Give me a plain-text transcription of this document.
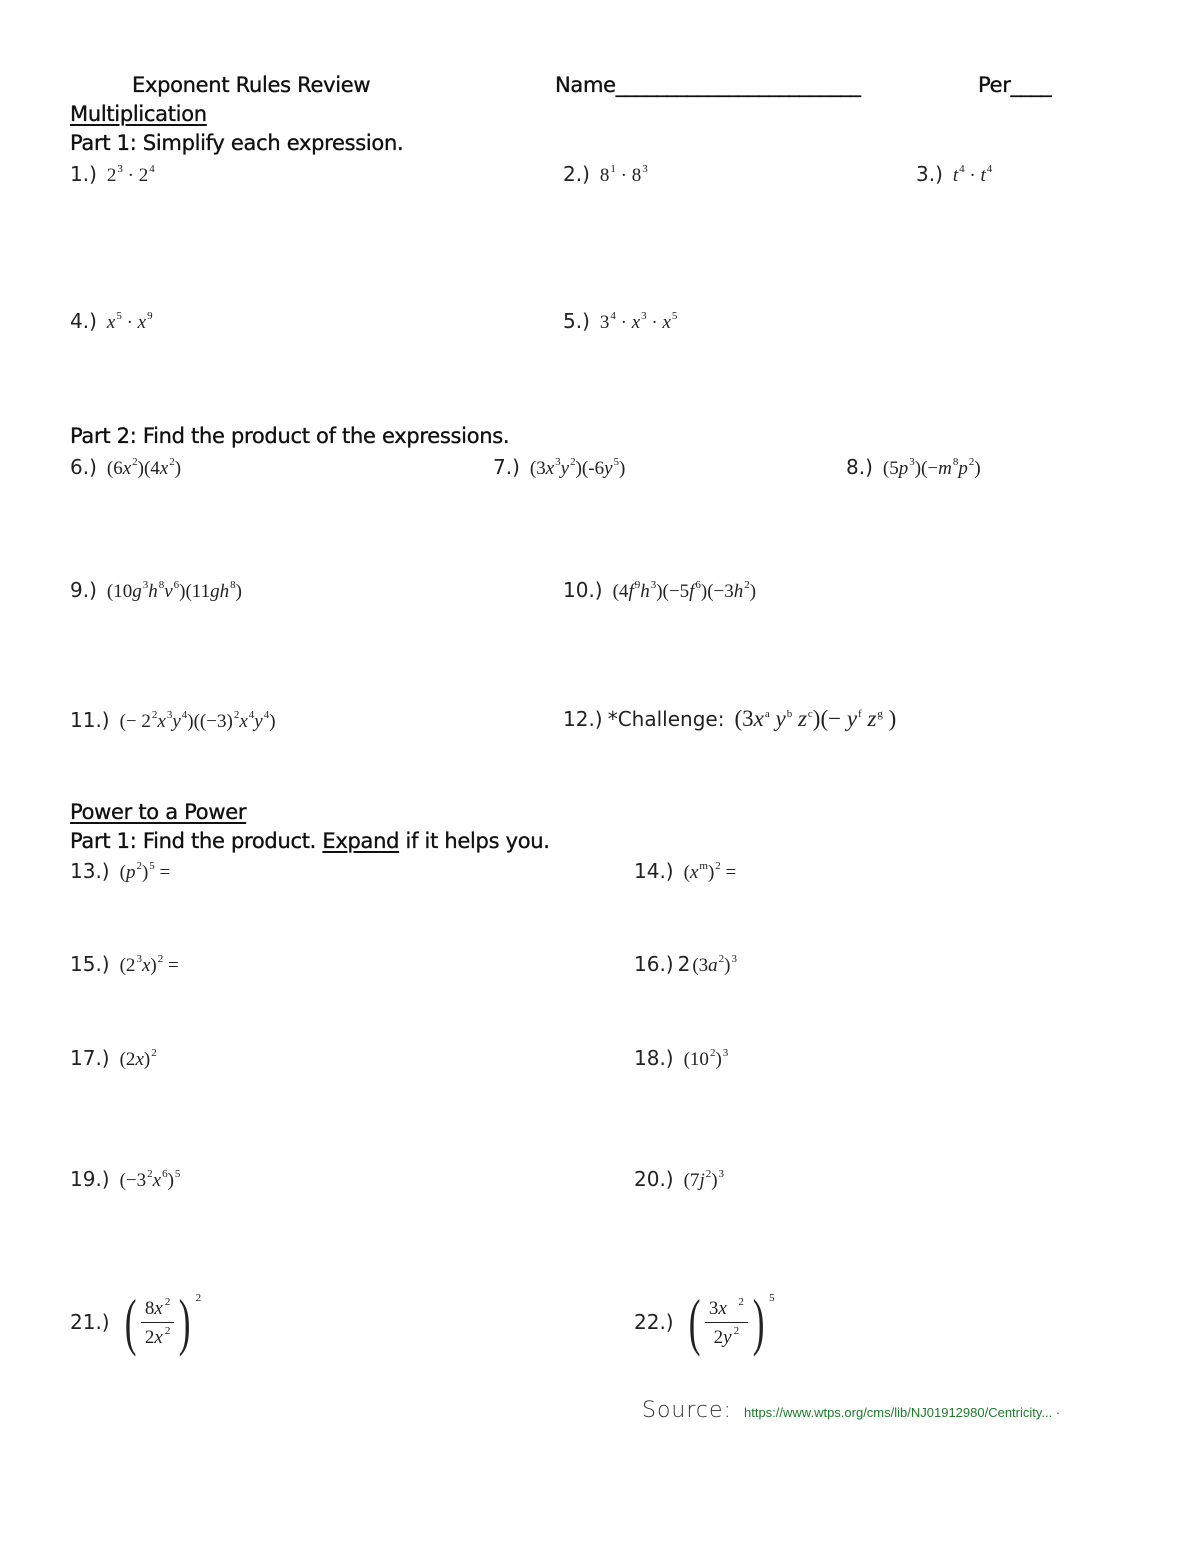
Exponent Rules Review	Name________________________	Per____
Multiplication
Part 1: Simplify each expression.
1.) $2^3 \cdot 2^4$	2.) $8^1 \cdot 8^3$	3.) $t^4 \cdot t^4$
4.) $x^5 \cdot x^9$	5.) $3^4 \cdot x^3 \cdot x^5$
Part 2: Find the product of the expressions.
6.) $(6x^2)(4x^2)$	7.) $(3x^3y^2)(-6y^5)$	8.) $(5p^3)(-m^8p^2)$
9.) $(10g^3h^8v^6)(11gh^8)$	10.) $(4f^9h^3)(-5f^6)(-3h^2)$
11.) (− $2^2x^3y^4)((-3)^2x^4y^4)$	12.) *Challenge: ($3x^a$ $y^b$ $z^c)(- y^f$ $z^g$ )
Power to a Power
Part 1: Find the product. Expand if it helps you.
13.) $(p^2)^5$ =	14.) $(x^m)^2$ =
15.) $(2^3x)^2$ =	16.) 2 $(3a^2)^3$
17.) $(2x)^2$	18.) $(10^2)^3$
19.) $(-3^2x^6)^5$	20.) $(7j^2)^3$
21.) ( $\frac{8x ^2}{2x ^2}$ ) 2
22.) ( $\frac{3x ^2}{2y ^2}$ ) 5
Source: https://www.wtps.org/cms/lib/NJ01912980/Centricity... ·
